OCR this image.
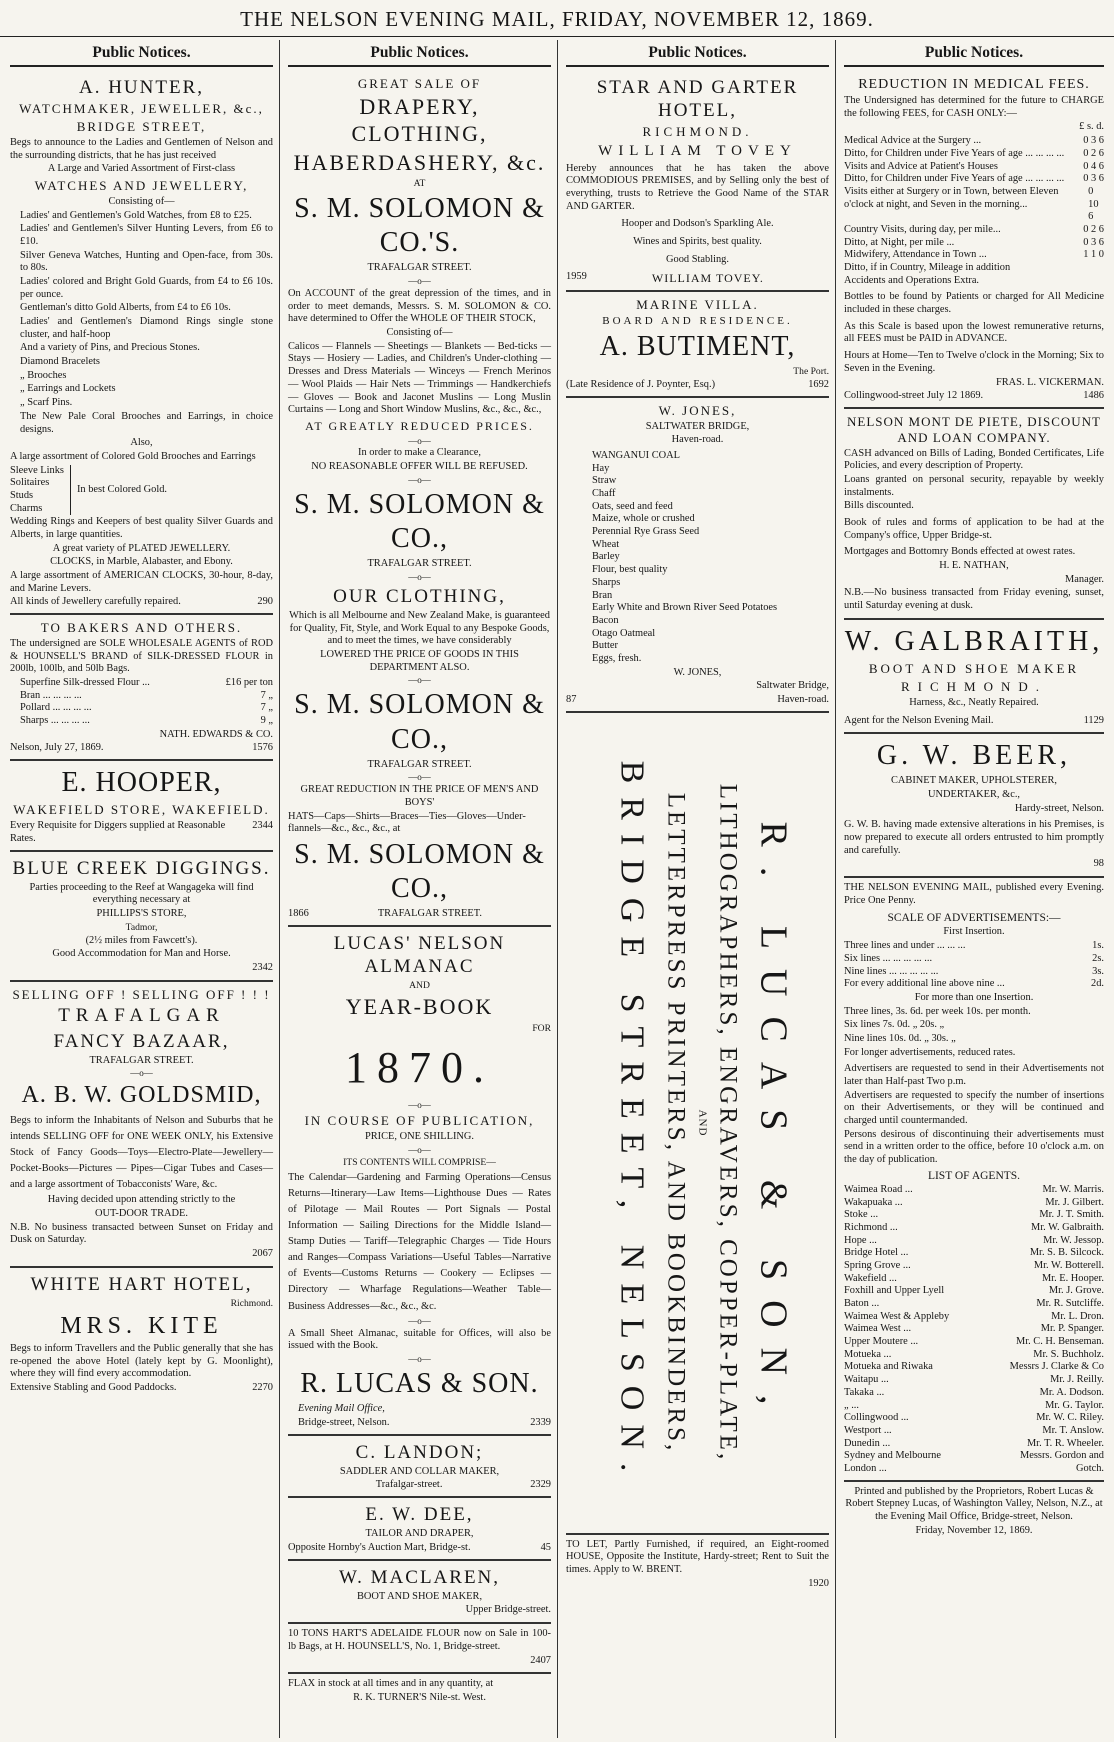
THE NELSON EVENING MAIL, FRIDAY, NOVEMBER 12, 1869.
Public Notices.
A. HUNTER,
WATCHMAKER, JEWELLER, &c.,
BRIDGE STREET,
Begs to announce to the Ladies and Gentlemen of Nelson and the surrounding districts, that he has just received
A Large and Varied Assortment of First-class
WATCHES AND JEWELLERY,
Consisting of—
Ladies' and Gentlemen's Gold Watches, from £8 to £25.
Ladies' and Gentlemen's Silver Hunting Levers, from £6 to £10.
Silver Geneva Watches, Hunting and Open-face, from 30s. to 80s.
Ladies' colored and Bright Gold Guards, from £4 to £6 10s. per ounce.
Gentleman's ditto Gold Alberts, from £4 to £6 10s.
Ladies' and Gentlemen's Diamond Rings single stone cluster, and half-hoop
And a variety of Pins, and Precious Stones.
Diamond Bracelets
„ Brooches
„ Earrings and Lockets
„ Scarf Pins.
The New Pale Coral Brooches and Earrings, in choice designs.
Also,
A large assortment of Colored Gold Brooches and Earrings
Sleeve Links
Solitaires
Studs
Charms
In best Colored Gold.
Wedding Rings and Keepers of best quality Silver Guards and Alberts, in large quantities.
A great variety of PLATED JEWELLERY.
CLOCKS, in Marble, Alabaster, and Ebony.
A large assortment of AMERICAN CLOCKS, 30-hour, 8-day, and Marine Levers.
All kinds of Jewellery carefully repaired.	290
TO BAKERS AND OTHERS.
The undersigned are SOLE WHOLESALE AGENTS of ROD & HOUNSELL'S BRAND of SILK-DRESSED FLOUR in 200lb, 100lb, and 50lb Bags.
Superfine Silk-dressed Flour ...	£16 per ton
Bran ... ... ... ...	7 „
Pollard ... ... ... ...	7 „
Sharps ... ... ... ...	9 „
NATH. EDWARDS & CO.
Nelson, July 27, 1869.	1576
E. HOOPER,
WAKEFIELD STORE, WAKEFIELD.
Every Requisite for Diggers supplied at Reasonable Rates.
2344
BLUE CREEK DIGGINGS.
Parties proceeding to the Reef at Wangageka will find everything necessary at
PHILLIPS'S STORE,
Tadmor,
(2½ miles from Fawcett's).
Good Accommodation for Man and Horse.
2342
SELLING OFF ! SELLING OFF ! ! !
TRAFALGAR
FANCY BAZAAR,
TRAFALGAR STREET.
—o—
A. B. W. GOLDSMID,
Begs to inform the Inhabitants of Nelson and Suburbs that he intends SELLING OFF for ONE WEEK ONLY, his Extensive Stock of Fancy Goods—Toys—Electro-Plate—Jewellery—Pocket-Books—Pictures — Pipes—Cigar Tubes and Cases—and a large assortment of Tobacconists' Ware, &c.
Having decided upon attending strictly to the
OUT-DOOR TRADE.
N.B. No business transacted between Sunset on Friday and Dusk on Saturday.
2067
WHITE HART HOTEL,
Richmond.
MRS. KITE
Begs to inform Travellers and the Public generally that she has re-opened the above Hotel (lately kept by G. Moonlight), where they will find every accommodation.
Extensive Stabling and Good Paddocks.	2270
Public Notices.
GREAT SALE OF
DRAPERY, CLOTHING,
HABERDASHERY, &c.
AT
S. M. SOLOMON & CO.'S.
TRAFALGAR STREET.
—o—
On ACCOUNT of the great depression of the times, and in order to meet demands, Messrs. S. M. SOLOMON & CO. have determined to Offer the WHOLE OF THEIR STOCK,
Consisting of—
Calicos — Flannels — Sheetings — Blankets — Bed-ticks — Stays — Hosiery — Ladies, and Children's Under-clothing — Dresses and Dress Materials — Winceys — French Merinos — Wool Plaids — Hair Nets — Trimmings — Handkerchiefs — Gloves — Book and Jaconet Muslins — Long Muslin Curtains — Long and Short Window Muslins, &c., &c., &c.,
AT GREATLY REDUCED PRICES.
—o—
In order to make a Clearance,
NO REASONABLE OFFER WILL BE REFUSED.
—o—
S. M. SOLOMON & CO.,
TRAFALGAR STREET.
—o—
OUR CLOTHING,
Which is all Melbourne and New Zealand Make, is guaranteed for Quality, Fit, Style, and Work Equal to any Bespoke Goods, and to meet the times, we have considerably
LOWERED THE PRICE OF GOODS IN THIS DEPARTMENT ALSO.
—o—
S. M. SOLOMON & CO.,
TRAFALGAR STREET.
—o—
GREAT REDUCTION IN THE PRICE OF MEN'S AND BOYS'
HATS—Caps—Shirts—Braces—Ties—Gloves—Under-flannels—&c., &c., &c., at
S. M. SOLOMON & CO.,
1866	TRAFALGAR STREET.
LUCAS' NELSON ALMANAC
AND
YEAR-BOOK
FOR
1870.
—o—
IN COURSE OF PUBLICATION,
PRICE, ONE SHILLING.
—o—
ITS CONTENTS WILL COMPRISE—
The Calendar—Gardening and Farming Operations—Census Returns—Itinerary—Law Items—Lighthouse Dues — Rates of Pilotage — Mail Routes — Port Signals — Postal Information — Sailing Directions for the Middle Island—Stamp Duties — Tariff—Telegraphic Charges — Tide Hours and Ranges—Compass Variations—Useful Tables—Narrative of Events—Customs Returns — Cookery — Eclipses — Directory — Wharfage Regulations—Weather Table—Business Addresses—&c., &c., &c.
—o—
A Small Sheet Almanac, suitable for Offices, will also be issued with the Book.
—o—
R. LUCAS & SON.
Evening Mail Office,
Bridge-street, Nelson.	2339
C. LANDON;
SADDLER AND COLLAR MAKER,
Trafalgar-street.	2329
E. W. DEE,
TAILOR AND DRAPER,
Opposite Hornby's Auction Mart, Bridge-st.	45
W. MACLAREN,
BOOT AND SHOE MAKER,
Upper Bridge-street.
10 TONS HART'S ADELAIDE FLOUR now on Sale in 100-lb Bags, at H. HOUNSELL'S, No. 1, Bridge-street.
2407
FLAX in stock at all times and in any quantity, at
R. K. TURNER'S Nile-st. West.
Public Notices.
STAR AND GARTER HOTEL,
RICHMOND.
WILLIAM TOVEY
Hereby announces that he has taken the above COMMODIOUS PREMISES, and by Selling only the best of everything, trusts to Retrieve the Good Name of the STAR AND GARTER.
Hooper and Dodson's Sparkling Ale.
Wines and Spirits, best quality.
Good Stabling.
1959	WILLIAM TOVEY.
MARINE VILLA.
BOARD AND RESIDENCE.
A. BUTIMENT,
The Port.
(Late Residence of J. Poynter, Esq.)	1692
W. JONES,
SALTWATER BRIDGE,
Haven-road.
WANGANUI COAL
Hay
Straw
Chaff
Oats, seed and feed
Maize, whole or crushed
Perennial Rye Grass Seed
Wheat
Barley
Flour, best quality
Sharps
Bran
Early White and Brown River Seed Potatoes
Bacon
Otago Oatmeal
Butter
Eggs, fresh.
W. JONES,
Saltwater Bridge,
87	Haven-road.
R. LUCAS & SON,
LITHOGRAPHERS, ENGRAVERS, COPPER-PLATE,
AND
LETTERPRESS PRINTERS, AND BOOKBINDERS,
BRIDGE STREET, NELSON.
TO LET, Partly Furnished, if required, an Eight-roomed HOUSE, Opposite the Institute, Hardy-street; Rent to Suit the times. Apply to W. BRENT.
1920
Public Notices.
REDUCTION IN MEDICAL FEES.
The Undersigned has determined for the future to CHARGE the following FEES, for CASH ONLY:—
£ s. d.
Medical Advice at the Surgery ...	0 3 6
Ditto, for Children under Five Years of age ... ... ... ... 0 2 6
Visits and Advice at Patient's Houses	0 4 6
Ditto, for Children under Five Years of age ... ... ... ... 0 3 6
Visits either at Surgery or in Town, between Eleven o'clock at night, and Seven in the morning...
0 10 6
Country Visits, during day, per mile...	0 2 6
Ditto, at Night, per mile ...	0 3 6
Midwifery, Attendance in Town ...	1 1 0
Ditto, if in Country, Mileage in addition
Accidents and Operations Extra.
Bottles to be found by Patients or charged for All Medicine included in these charges.
As this Scale is based upon the lowest remunerative returns, all FEES must be PAID in ADVANCE.
Hours at Home—Ten to Twelve o'clock in the Morning; Six to Seven in the Evening.
FRAS. L. VICKERMAN.
Collingwood-street July 12 1869.	1486
NELSON MONT DE PIETE, DISCOUNT AND LOAN COMPANY.
CASH advanced on Bills of Lading, Bonded Certificates, Life Policies, and every description of Property.
Loans granted on personal security, repayable by weekly instalments.
Bills discounted.
Book of rules and forms of application to be had at the Company's office, Upper Bridge-st.
Mortgages and Bottomry Bonds effected at owest rates.
H. E. NATHAN,
Manager.
N.B.—No business transacted from Friday evening, sunset, until Saturday evening at dusk.
W. GALBRAITH,
BOOT AND SHOE MAKER
RICHMOND.
Harness, &c., Neatly Repaired.
Agent for the Nelson Evening Mail.	1129
G. W. BEER,
CABINET MAKER, UPHOLSTERER,
UNDERTAKER, &c.,
Hardy-street, Nelson.
G. W. B. having made extensive alterations in his Premises, is now prepared to execute all orders entrusted to him promptly and carefully.
98
THE NELSON EVENING MAIL, published every Evening. Price One Penny.
SCALE OF ADVERTISEMENTS:—
First Insertion.
Three lines and under ... ... ...	1s.
Six lines ... ... ... ... ...	2s.
Nine lines ... ... ... ... ...	3s.
For every additional line above nine ...	2d.
For more than one Insertion.
Three lines, 3s. 6d. per week 10s. per month.
Six lines 7s. 0d. „ 20s. „
Nine lines 10s. 0d. „ 30s. „
For longer advertisements, reduced rates.
Advertisers are requested to send in their Advertisements not later than Half-past Two p.m.
Advertisers are requested to specify the number of insertions on their Advertisements, or they will be continued and charged until countermanded.
Persons desirous of discontinuing their advertisements must send in a written order to the office, before 10 o'clock a.m. on the day of publication.
LIST OF AGENTS.
Waimea Road ...	Mr. W. Marris.
Wakapuaka ...	Mr. J. Gilbert.
Stoke ...	Mr. J. T. Smith.
Richmond ...	Mr. W. Galbraith.
Hope ...	Mr. W. Jessop.
Bridge Hotel ...	Mr. S. B. Silcock.
Spring Grove ...	Mr. W. Botterell.
Wakefield ...	Mr. E. Hooper.
Foxhill and Upper Lyell	Mr. J. Grove.
Baton ...	Mr. R. Sutcliffe.
Waimea West & Appleby	Mr. L. Dron.
Waimea West ...	Mr. P. Spanger.
Upper Moutere ...	Mr. C. H. Benseman.
Motueka ...	Mr. S. Buchholz.
Motueka and Riwaka	Messrs J. Clarke & Co
Waitapu ...	Mr. J. Reilly.
Takaka ...	Mr. A. Dodson.
„ ...	Mr. G. Taylor.
Collingwood ...	Mr. W. C. Riley.
Westport ...	Mr. T. Anslow.
Dunedin ...	Mr. T. R. Wheeler.
Sydney and Melbourne	Messrs. Gordon and
London ...	Gotch.
Printed and published by the Proprietors, Robert Lucas & Robert Stepney Lucas, of Washington Valley, Nelson, N.Z., at the Evening Mail Office, Bridge-street, Nelson.
Friday, November 12, 1869.
